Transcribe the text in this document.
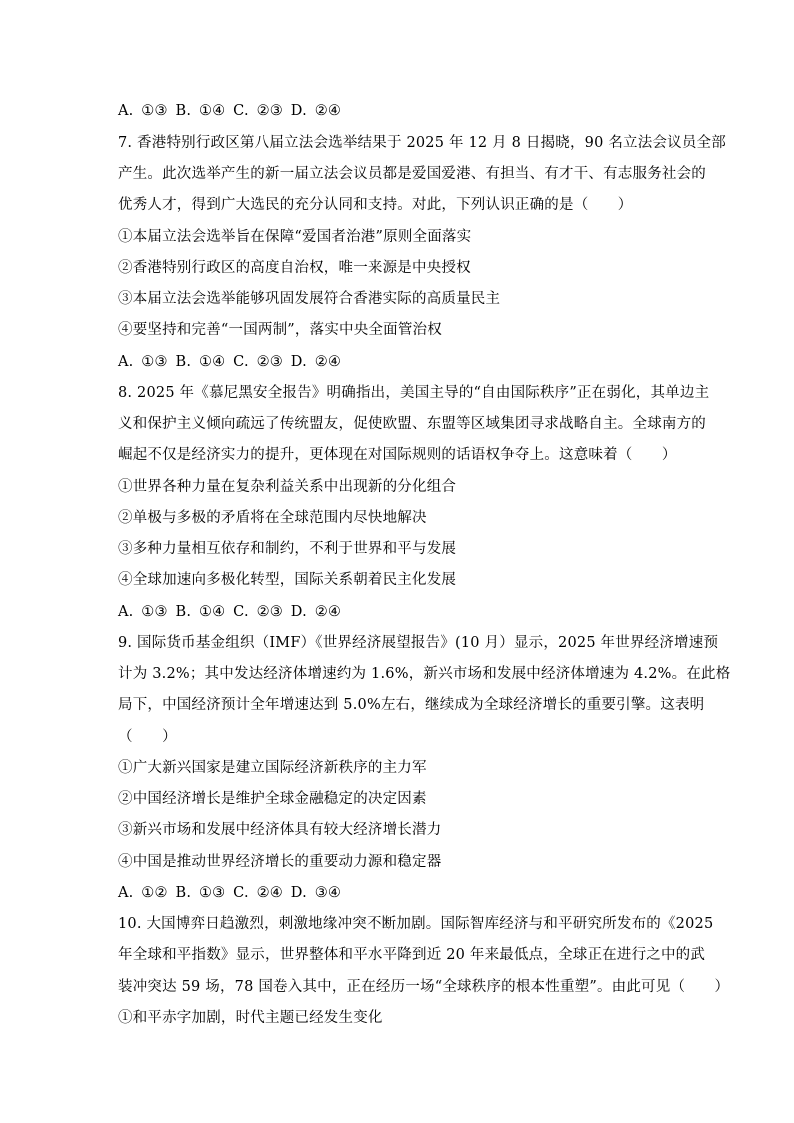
A. ①③ B. ①④ C. ②③ D. ②④
7. 香港特别行政区第八届立法会选举结果于 2025 年 12 月 8 日揭晓，90 名立法会议员全部
产生。此次选举产生的新一届立法会议员都是爱国爱港、有担当、有才干、有志服务社会的
优秀人才，得到广大选民的充分认同和支持。对此，下列认识正确的是（　　）
①本届立法会选举旨在保障“爱国者治港”原则全面落实
②香港特别行政区的高度自治权，唯一来源是中央授权
③本届立法会选举能够巩固发展符合香港实际的高质量民主
④要坚持和完善“一国两制”，落实中央全面管治权
A. ①③ B. ①④ C. ②③ D. ②④
8. 2025 年《慕尼黑安全报告》明确指出，美国主导的“自由国际秩序”正在弱化，其单边主
义和保护主义倾向疏远了传统盟友，促使欧盟、东盟等区域集团寻求战略自主。全球南方的
崛起不仅是经济实力的提升，更体现在对国际规则的话语权争夺上。这意味着（　　）
①世界各种力量在复杂利益关系中出现新的分化组合
②单极与多极的矛盾将在全球范围内尽快地解决
③多种力量相互依存和制约，不利于世界和平与发展
④全球加速向多极化转型，国际关系朝着民主化发展
A. ①③ B. ①④ C. ②③ D. ②④
9. 国际货币基金组织（IMF）《世界经济展望报告》(10 月）显示，2025 年世界经济增速预
计为 3.2%；其中发达经济体增速约为 1.6%，新兴市场和发展中经济体增速为 4.2%。在此格
局下，中国经济预计全年增速达到 5.0%左右，继续成为全球经济增长的重要引擎。这表明
（　　）
①广大新兴国家是建立国际经济新秩序的主力军
②中国经济增长是维护全球金融稳定的决定因素
③新兴市场和发展中经济体具有较大经济增长潜力
④中国是推动世界经济增长的重要动力源和稳定器
A. ①② B. ①③ C. ②④ D. ③④
10. 大国博弈日趋激烈，刺激地缘冲突不断加剧。国际智库经济与和平研究所发布的《2025
年全球和平指数》显示，世界整体和平水平降到近 20 年来最低点，全球正在进行之中的武
装冲突达 59 场，78 国卷入其中，正在经历一场“全球秩序的根本性重塑”。由此可见（　　）
①和平赤字加剧，时代主题已经发生变化
